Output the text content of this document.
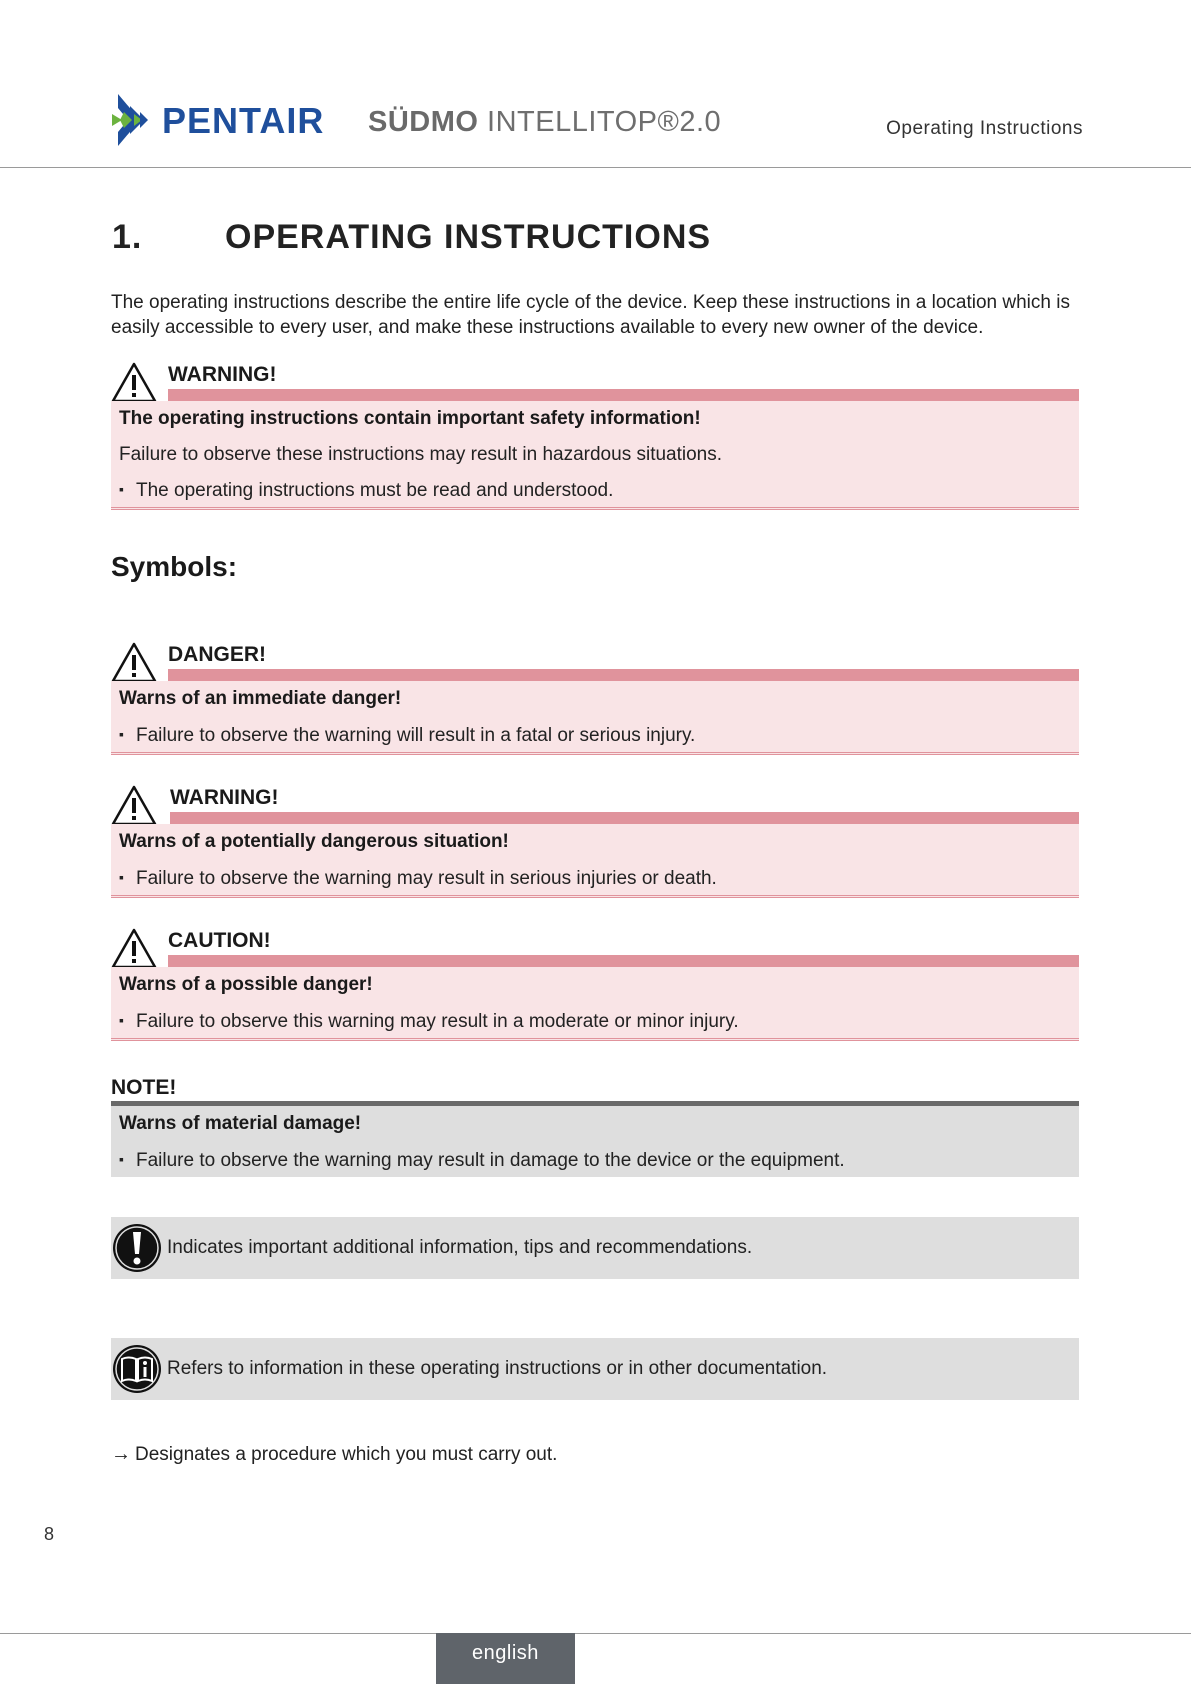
PENTAIR SÜDMO INTELLITOP®2.0	Operating Instructions
1. OPERATING INSTRUCTIONS
The operating instructions describe the entire life cycle of the device. Keep these instructions in a location which is easily accessible to every user, and make these instructions available to every new owner of the device.
WARNING!
The operating instructions contain important safety information!
Failure to observe these instructions may result in hazardous situations.
▪ The operating instructions must be read and understood.
Symbols:
DANGER!
Warns of an immediate danger!
▪ Failure to observe the warning will result in a fatal or serious injury.
WARNING!
Warns of a potentially dangerous situation!
▪ Failure to observe the warning may result in serious injuries or death.
CAUTION!
Warns of a possible danger!
▪ Failure to observe this warning may result in a moderate or minor injury.
NOTE!
Warns of material damage!
▪ Failure to observe the warning may result in damage to the device or the equipment.
Indicates important additional information, tips and recommendations.
Refers to information in these operating instructions or in other documentation.
→ Designates a procedure which you must carry out.
8
english
